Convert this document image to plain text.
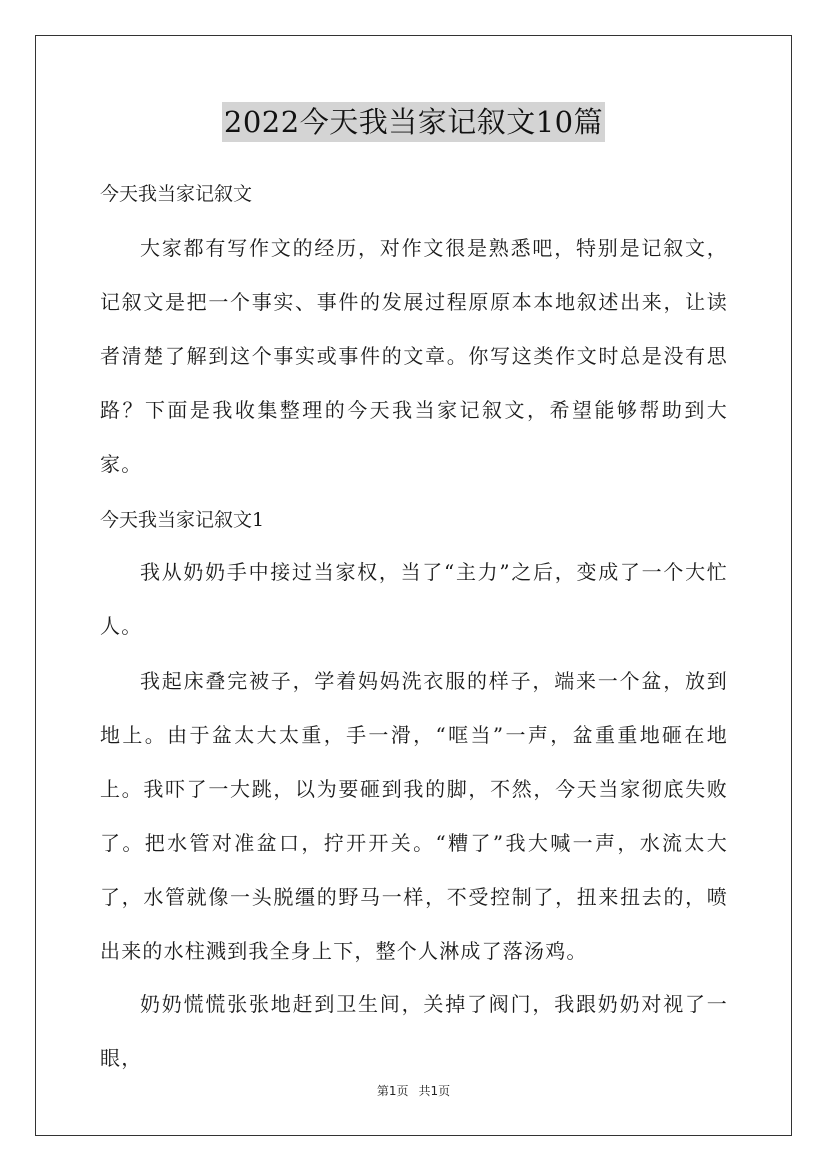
2022今天我当家记叙文10篇
今天我当家记叙文

大家都有写作文的经历，对作文很是熟悉吧，特别是记叙文，记叙文是把一个事实、事件的发展过程原原本本地叙述出来，让读者清楚了解到这个事实或事件的文章。你写这类作文时总是没有思路？下面是我收集整理的今天我当家记叙文，希望能够帮助到大家。

今天我当家记叙文1

我从奶奶手中接过当家权，当了“主力”之后，变成了一个大忙人。

我起床叠完被子，学着妈妈洗衣服的样子，端来一个盆，放到地上。由于盆太大太重，手一滑，“哐当”一声，盆重重地砸在地上。我吓了一大跳，以为要砸到我的脚，不然，今天当家彻底失败了。把水管对准盆口，拧开开关。“糟了”我大喊一声，水流太大了，水管就像一头脱缰的野马一样，不受控制了，扭来扭去的，喷出来的水柱溅到我全身上下，整个人淋成了落汤鸡。

奶奶慌慌张张地赶到卫生间，关掉了阀门，我跟奶奶对视了一眼，

第1页 共1页
